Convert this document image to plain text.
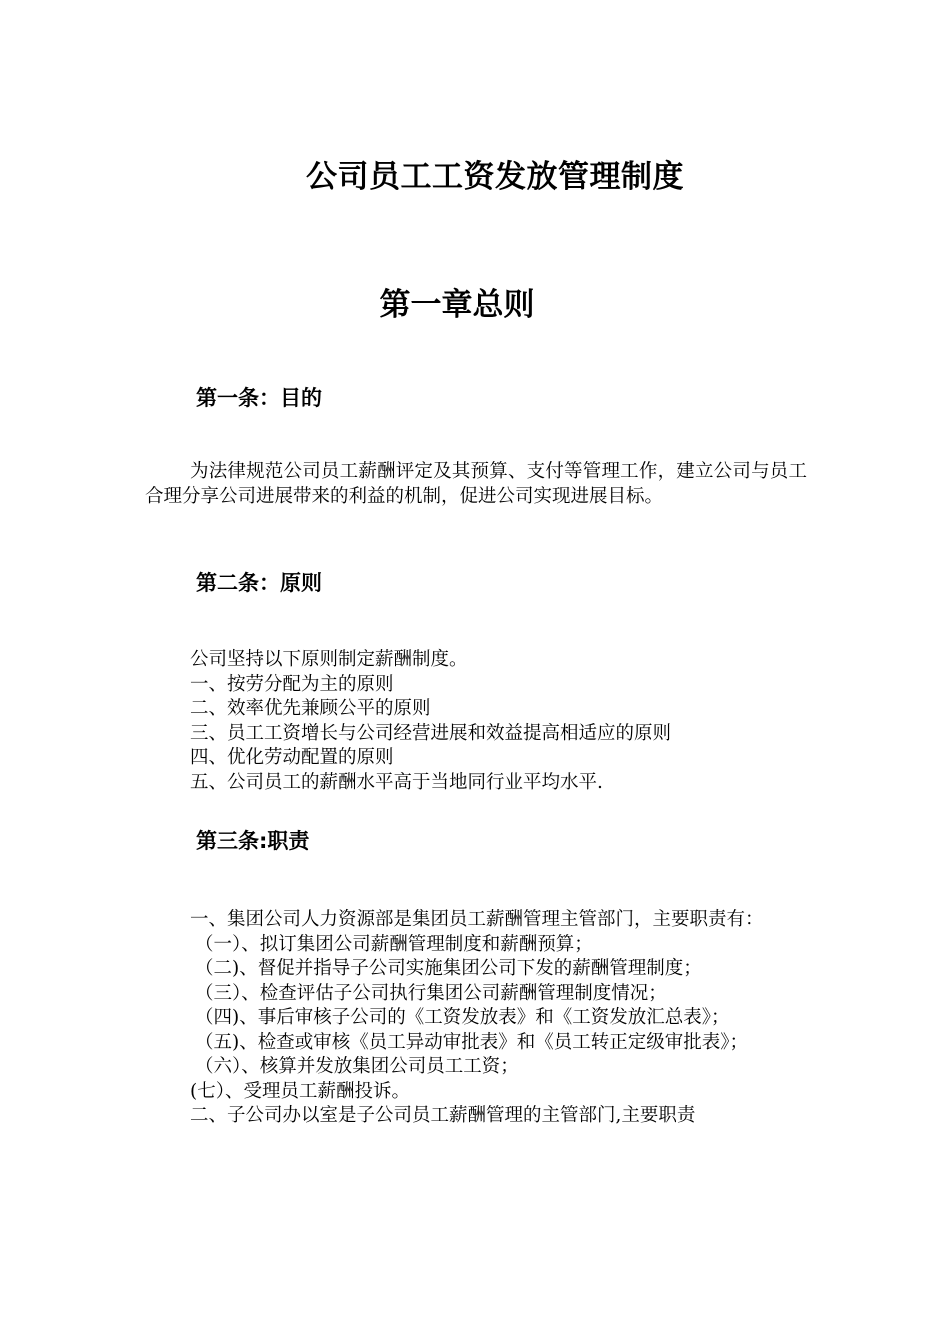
公司员工工资发放管理制度
第一章总则
第一条：目的
为法律规范公司员工薪酬评定及其预算、支付等管理工作，建立公司与员工合理分享公司进展带来的利益的机制，促进公司实现进展目标。
第二条：原则
公司坚持以下原则制定薪酬制度。
一、按劳分配为主的原则
二、效率优先兼顾公平的原则
三、员工工资增长与公司经营进展和效益提高相适应的原则
四、优化劳动配置的原则
五、公司员工的薪酬水平高于当地同行业平均水平.
第三条:职责
一、集团公司人力资源部是集团员工薪酬管理主管部门，主要职责有：
（一）、拟订集团公司薪酬管理制度和薪酬预算；
（二)、督促并指导子公司实施集团公司下发的薪酬管理制度；
（三）、检查评估子公司执行集团公司薪酬管理制度情况；
（四)、事后审核子公司的《工资发放表》和《工资发放汇总表》；
（五)、检查或审核《员工异动审批表》和《员工转正定级审批表》；
（六）、核算并发放集团公司员工工资；
(七）、受理员工薪酬投诉。
二、子公司办以室是子公司员工薪酬管理的主管部门,主要职责
